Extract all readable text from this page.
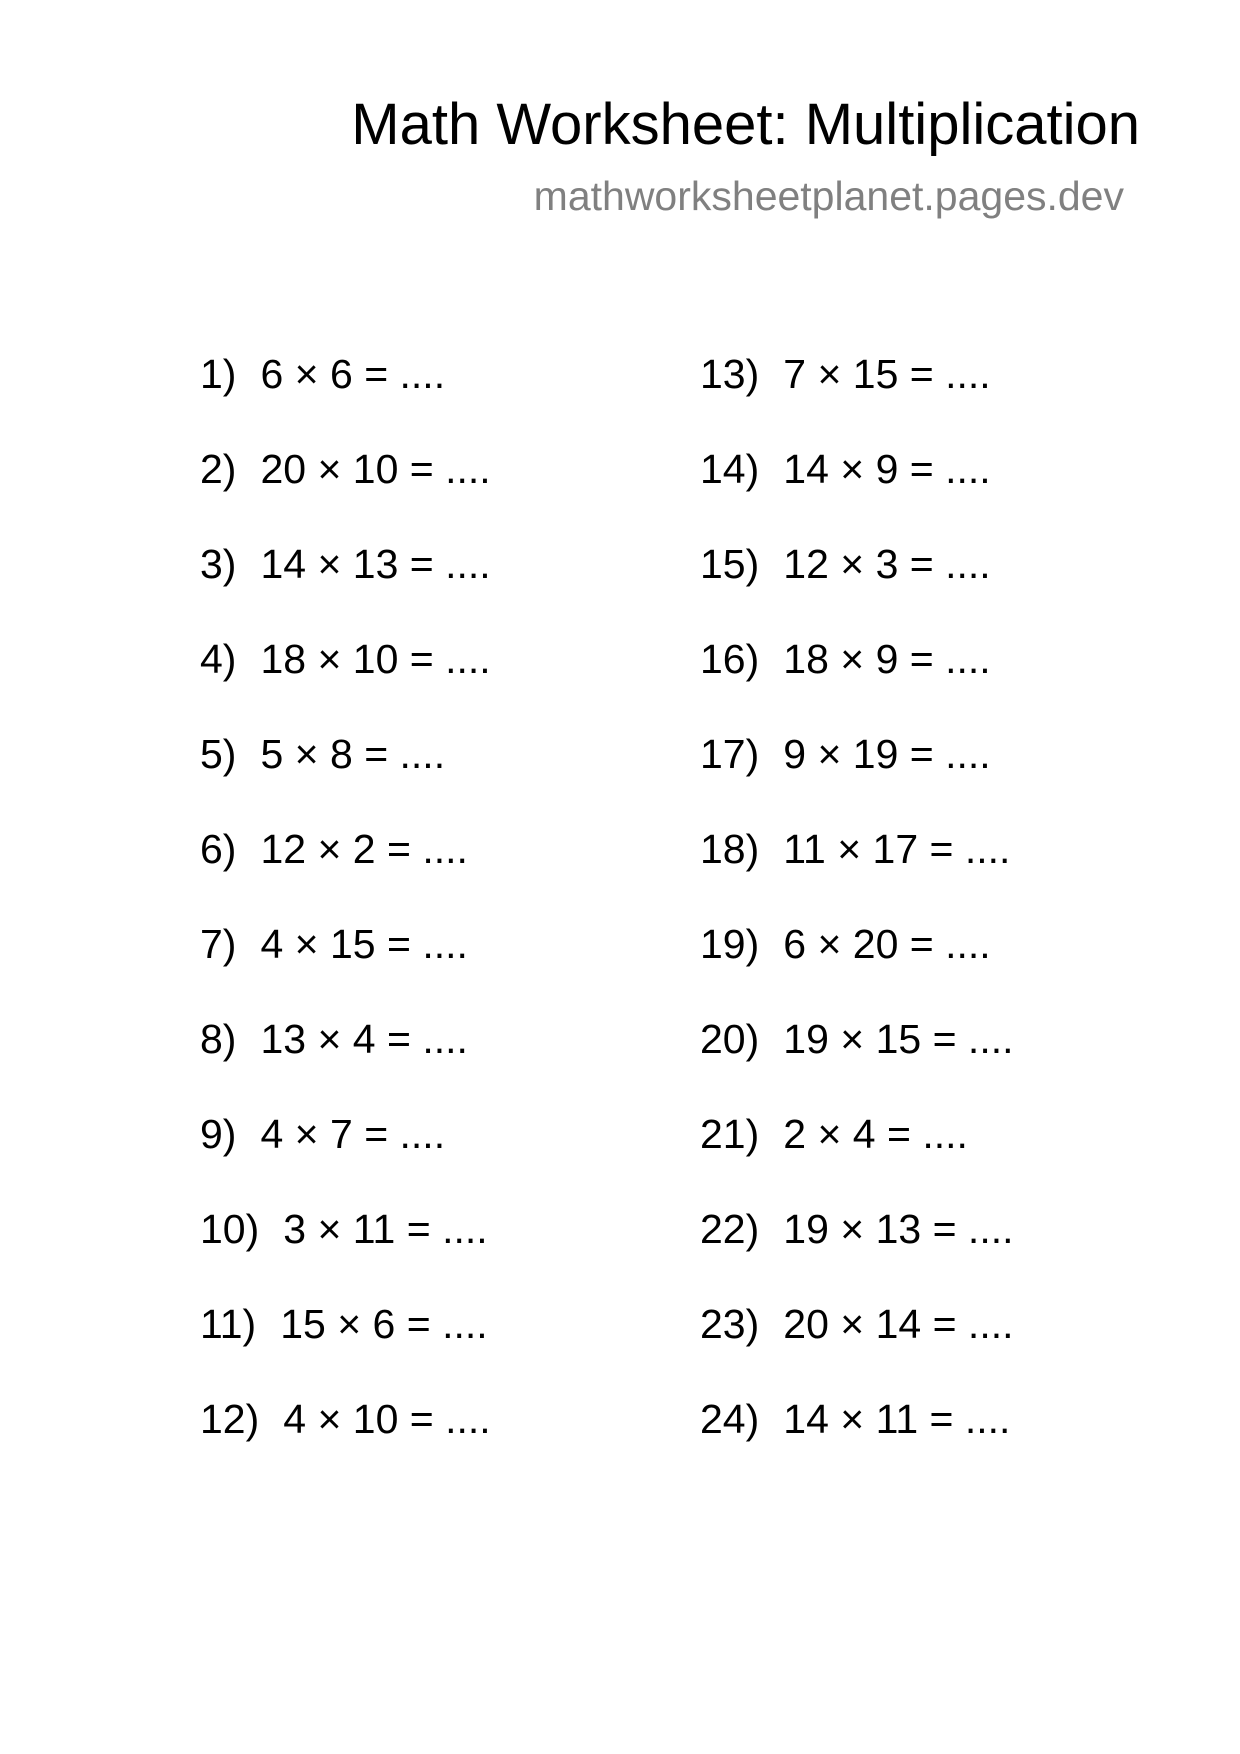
Math Worksheet: Multiplication
mathworksheetplanet.pages.dev
1) 6 × 6 = ....
2) 20 × 10 = ....
3) 14 × 13 = ....
4) 18 × 10 = ....
5) 5 × 8 = ....
6) 12 × 2 = ....
7) 4 × 15 = ....
8) 13 × 4 = ....
9) 4 × 7 = ....
10) 3 × 11 = ....
11) 15 × 6 = ....
12) 4 × 10 = ....
13) 7 × 15 = ....
14) 14 × 9 = ....
15) 12 × 3 = ....
16) 18 × 9 = ....
17) 9 × 19 = ....
18) 11 × 17 = ....
19) 6 × 20 = ....
20) 19 × 15 = ....
21) 2 × 4 = ....
22) 19 × 13 = ....
23) 20 × 14 = ....
24) 14 × 11 = ....
